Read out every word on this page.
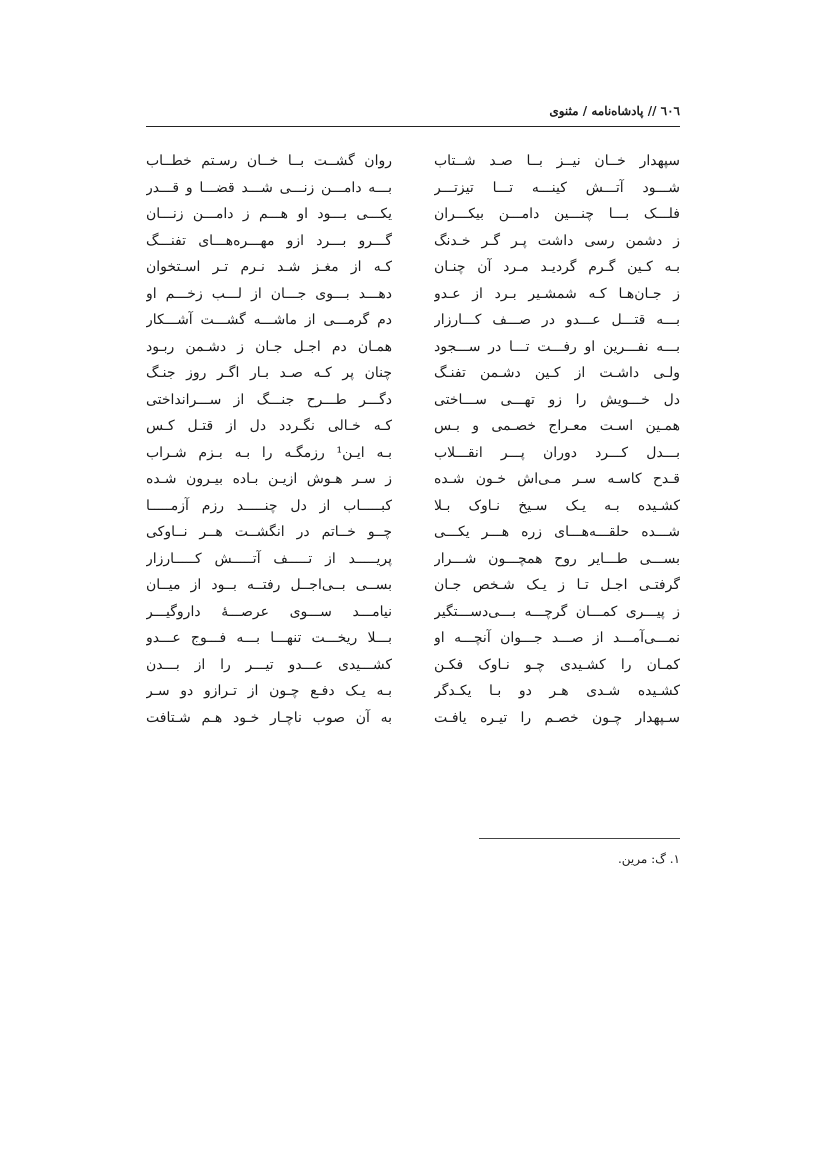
٦٠٦ // پادشاه‌نامه / مثنوی
سپهدار خــان نیــز بــا صـد شــتاب
روان گشــت بــا خــان رسـتم خطــاب
شـــود آتـــش کینـــه تـــا تیزتـــر
بـــه دامـــن زنـــی شـــد قضـــا و قـــدر
فلـــک بـــا چنـــین دامـــن بیکـــران
یکـــی بـــود او هـــم ز دامـــن زنـــان
ز دشمن رسی داشت پـر گـر خـدنگ
گـــرو بـــرد ازو مهـــره‌هـــای تفنـــگ
بـه کـین گـرم گردیـد مـرد آن چنـان
کـه از مغـز شـد نـرم تـر اسـتخوان
ز جـان‌هـا کـه شمشـیر بـرد از عـدو
دهـــد بـــوی جـــان از لـــب زخـــم او
بـــه قتـــل عـــدو در صـــف کـــارزار
دم گرمـــی از ماشـــه گشـــت آشـــکار
بـــه نفـــرین او رفـــت تـــا در ســـجود
همـان دم اجـل جـان ز دشـمن ربـود
ولـی داشـت از کـین دشـمن تفنـگ
چنان پر کـه صـد بـار اگـر روز جنـگ
دل خـــویش را زو تهـــی ســـاختی
دگـــر طـــرح جنـــگ از ســـرانداختی
همـین اسـت معـراج خصـمی و بـس
کـه خـالی نگـردد دل از قتـل کـس
بـــدل کـــرد دوران پـــر انقـــلاب
بـه ایـن¹ رزمگـه را بـه بـزم شـراب
قـدح کاسـه سـر مـی‌اش خـون شـده
ز سـر هـوش ازیـن بـاده بیـرون شـده
کشـیده بـه یـک سـیخ نـاوک بـلا
کبـــــاب از دل چنـــــد رزم آزمـــــا
شـــده حلقـــه‌هـــای زره هـــر یکـــی
چــو خــاتم در انگشــت هــر نــاوکی
بســـی طـــایر روح همچـــون شـــرار
پریـــــد از تـــــف آتـــــش کـــــارزار
گرفتـی اجـل تـا ز یـک شـخص جـان
بســی بــی‌اجــل رفتــه بــود از میــان
ز پیـــری کمـــان گرچـــه بـــی‌دســـتگیر
نیامـــد ســـوی عرصـــهٔ داروگیـــر
نمـــی‌آمـــد از صـــد جـــوان آنچـــه او
بـــلا ریخـــت تنهـــا بـــه فـــوج عـــدو
کمـان را کشـیدی چـو نـاوک فکـن
کشـــیدی عـــدو تیـــر را از بـــدن
کشـیده شـدی هـر دو بـا یکـدگر
بـه یـک دفـع چـون از تـرازو دو سـر
سـپهدار چـون خصـم را تیـره یافـت
به آن صوب ناچـار خـود هـم شـتافت
۱. گ: مرین.
